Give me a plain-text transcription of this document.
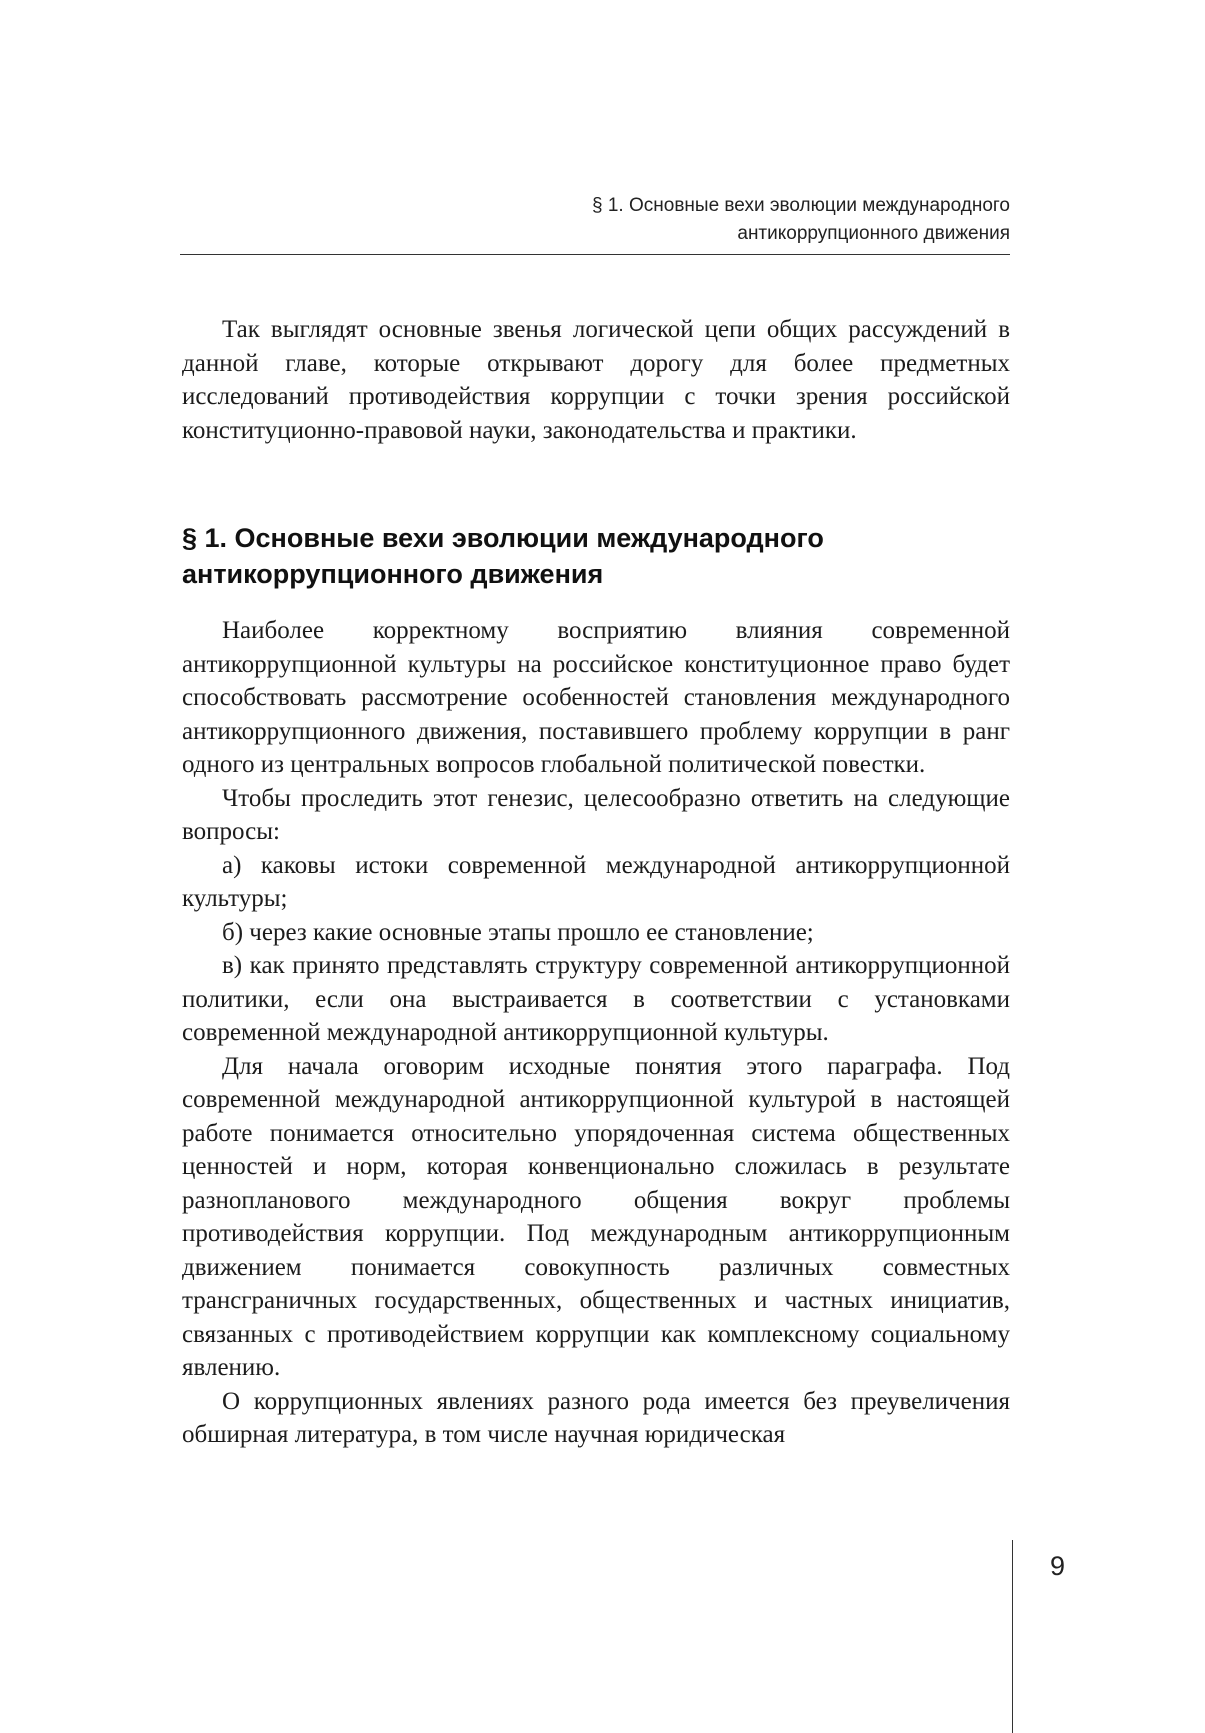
§ 1. Основные вехи эволюции международного
антикоррупционного движения

Так выглядят основные звенья логической цепи общих рассуждений в данной главе, которые открывают дорогу для более предметных исследований противодействия коррупции с точки зрения российской конституционно-правовой науки, законодательства и практики.

§ 1. Основные вехи эволюции международного
антикоррупционного движения

Наиболее корректному восприятию влияния современной антикоррупционной культуры на российское конституционное право будет способствовать рассмотрение особенностей становления международного антикоррупционного движения, поставившего проблему коррупции в ранг одного из центральных вопросов глобальной политической повестки.

Чтобы проследить этот генезис, целесообразно ответить на следующие вопросы:

а) каковы истоки современной международной антикоррупционной культуры;

б) через какие основные этапы прошло ее становление;

в) как принято представлять структуру современной антикоррупционной политики, если она выстраивается в соответствии с установками современной международной антикоррупционной культуры.

Для начала оговорим исходные понятия этого параграфа. Под современной международной антикоррупционной культурой в настоящей работе понимается относительно упорядоченная система общественных ценностей и норм, которая конвенционально сложилась в результате разнопланового международного общения вокруг проблемы противодействия коррупции. Под международным антикоррупционным движением понимается совокупность различных совместных трансграничных государственных, общественных и частных инициатив, связанных с противодействием коррупции как комплексному социальному явлению.

О коррупционных явлениях разного рода имеется без преувеличения обширная литература, в том числе научная юридическая

9
